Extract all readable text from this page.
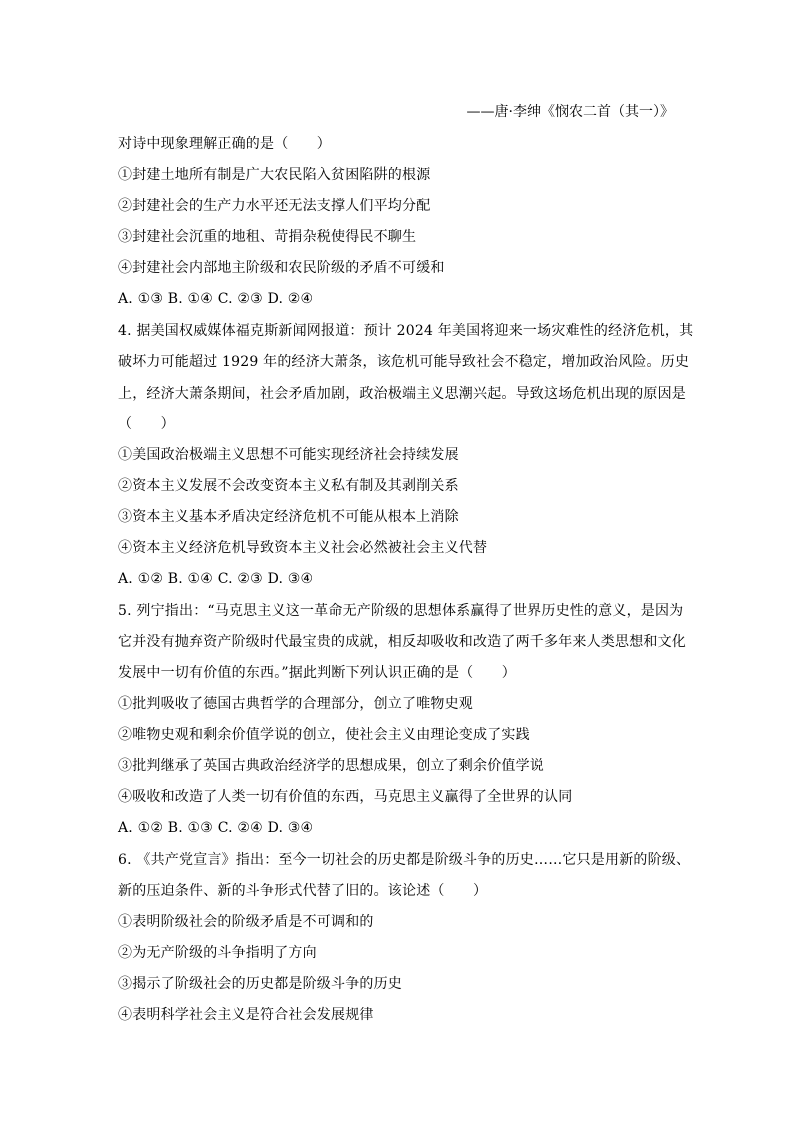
——唐·李绅《悯农二首（其一）》
对诗中现象理解正确的是（　　）
①封建土地所有制是广大农民陷入贫困陷阱的根源
②封建社会的生产力水平还无法支撑人们平均分配
③封建社会沉重的地租、苛捐杂税使得民不聊生
④封建社会内部地主阶级和农民阶级的矛盾不可缓和
A. ①③ B. ①④ C. ②③ D. ②④
4. 据美国权威媒体福克斯新闻网报道：预计 2024 年美国将迎来一场灾难性的经济危机，其
破坏力可能超过 1929 年的经济大萧条，该危机可能导致社会不稳定，增加政治风险。历史
上，经济大萧条期间，社会矛盾加剧，政治极端主义思潮兴起。导致这场危机出现的原因是
（　　）
①美国政治极端主义思想不可能实现经济社会持续发展
②资本主义发展不会改变资本主义私有制及其剥削关系
③资本主义基本矛盾决定经济危机不可能从根本上消除
④资本主义经济危机导致资本主义社会必然被社会主义代替
A. ①② B. ①④ C. ②③ D. ③④
5. 列宁指出：“马克思主义这一革命无产阶级的思想体系赢得了世界历史性的意义，是因为
它并没有抛弃资产阶级时代最宝贵的成就，相反却吸收和改造了两千多年来人类思想和文化
发展中一切有价值的东西。”据此判断下列认识正确的是（　　）
①批判吸收了德国古典哲学的合理部分，创立了唯物史观
②唯物史观和剩余价值学说的创立，使社会主义由理论变成了实践
③批判继承了英国古典政治经济学的思想成果，创立了剩余价值学说
④吸收和改造了人类一切有价值的东西，马克思主义赢得了全世界的认同
A. ①② B. ①③ C. ②④ D. ③④
6. 《共产党宣言》指出：至今一切社会的历史都是阶级斗争的历史……它只是用新的阶级、
新的压迫条件、新的斗争形式代替了旧的。该论述（　　）
①表明阶级社会的阶级矛盾是不可调和的
②为无产阶级的斗争指明了方向
③揭示了阶级社会的历史都是阶级斗争的历史
④表明科学社会主义是符合社会发展规律
